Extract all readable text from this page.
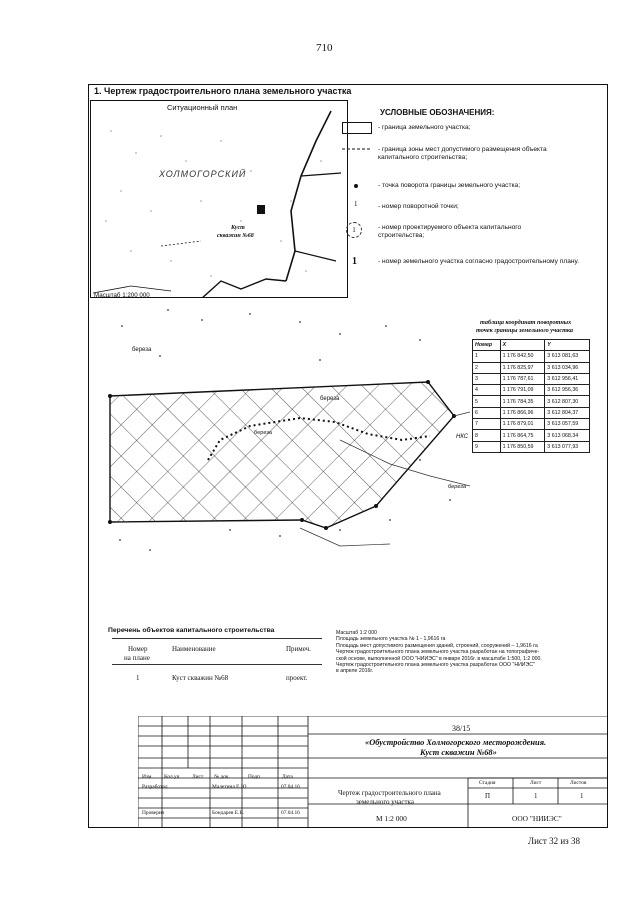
710
1. Чертеж градостроительного плана земельного участка
Ситуационный план
ХОЛМОГОРСКИЙ
Куст
скважин №68
Масштаб 1:200 000
УСЛОВНЫЕ ОБОЗНАЧЕНИЯ:
- граница земельного участка;
- граница зоны мест допустимого размещения объекта капитального строительства;
- точка поворота границы земельного участка;
1	- номер поворотной точки;
1	- номер проектируемого объекта капитального строительства;
1	- номер земельного участка согласно градостроительному плану.
таблица координат поворотных
точек границы земельного участка
Номер	X	Y
1	1 176 842,50	3 613 081,63
2	1 176 825,97	3 613 034,96
3	1 176 787,61	3 612 956,41
4	1 176 791,09	3 612 956,36
5	1 176 784,35	3 612 807,30
6	1 176 866,96	3 612 804,37
7	1 176 879,01	3 613 057,59
8	1 176 864,75	3 613 068,34
9	1 176 850,59	3 613 077,93
береза
береза
береза
береза
НКС
Перечень объектов капитального строительства
Номер
на плане
Наименование	Примеч.
1	Куст скважин №68	проект.
Масштаб 1:2 000
Площадь земельного участка № 1 - 1,9616 га
Площадь мест допустимого размещения зданий, строений, сооружений – 1,9616 га
Чертеж градостроительного плана земельного участка разработан на топографиче-
ской основе, выполненной ООО "НИИЭС" в январе 2016г. в масштабе 1:500, 1:2 000.
Чертеж градостроительного плана земельного участка разработан ООО "НИИЭС"
в апреле 2016г.
38/15
«Обустройство Холмогорского месторождения.
Куст скважин №68»
Изм. Кол.уч Лист № док.	Подп.	Дата
Разработал	Малетина Е.Ю.	07.04.16
Проверил	Бондарев Е.В.	07.04.16
Чертеж градостроительного плана
земельного участка
Стадия	Лист	Листов
П	1	1
М 1:2 000	ООО "НИИЭС"
Лист 32 из 38
